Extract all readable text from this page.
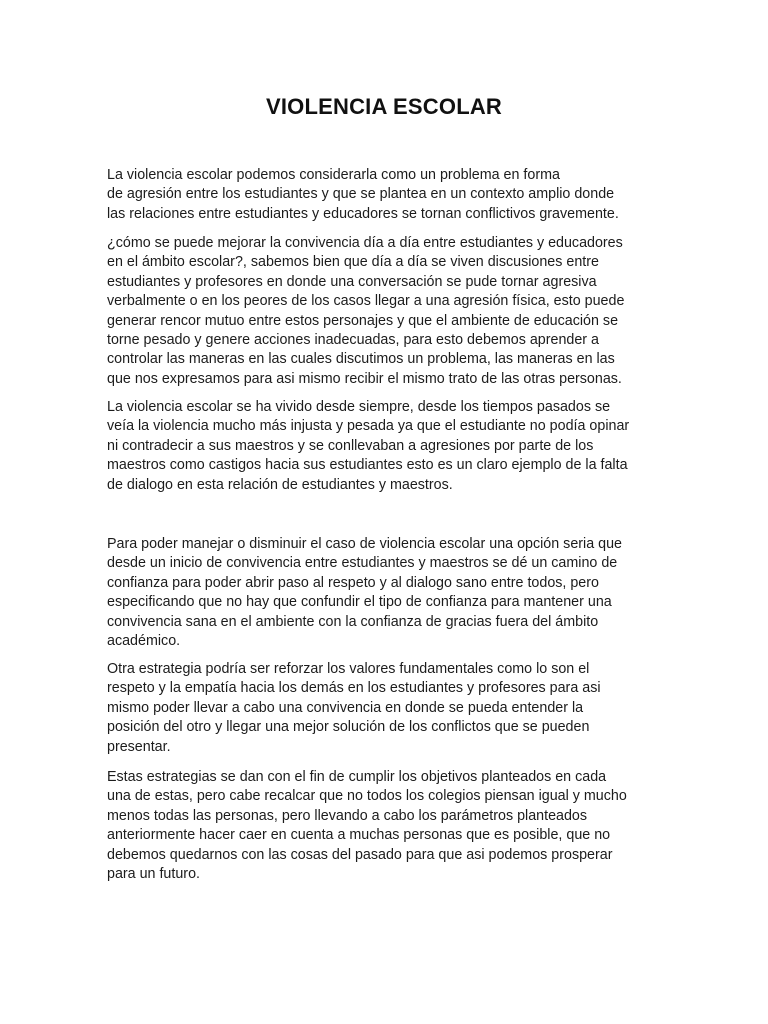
VIOLENCIA ESCOLAR
La violencia escolar podemos considerarla como un problema en forma
de agresión entre los estudiantes y que se plantea en un contexto amplio donde
las relaciones entre estudiantes y educadores se tornan conflictivos gravemente.
¿cómo se puede mejorar la convivencia día a día entre estudiantes y educadores
en el ámbito escolar?, sabemos bien que día a día se viven discusiones entre
estudiantes y profesores en donde una conversación se pude tornar agresiva
verbalmente o en los peores de los casos llegar a una agresión física, esto puede
generar rencor mutuo entre estos personajes y que el ambiente de educación se
torne pesado y genere acciones inadecuadas, para esto debemos aprender a
controlar las maneras en las cuales discutimos un problema, las maneras en las
que nos expresamos para asi mismo recibir el mismo trato de las otras personas.
La violencia escolar se ha vivido desde siempre, desde los tiempos pasados se
veía la violencia mucho más injusta y pesada ya que el estudiante no podía opinar
ni contradecir a sus maestros y se conllevaban a agresiones por parte de los
maestros como castigos hacia sus estudiantes esto es un claro ejemplo de la falta
de dialogo en esta relación de estudiantes y maestros.
Para poder manejar o disminuir el caso de violencia escolar una opción seria que
desde un inicio de convivencia entre estudiantes y maestros se dé un camino de
confianza para poder abrir paso al respeto y al dialogo sano entre todos, pero
especificando que no hay que confundir el tipo de confianza para mantener una
convivencia sana en el ambiente con la confianza de gracias fuera del ámbito
académico.
Otra estrategia podría ser reforzar los valores fundamentales como lo son el
respeto y la empatía hacia los demás en los estudiantes y profesores para asi
mismo poder llevar a cabo una convivencia en donde se pueda entender la
posición del otro y llegar una mejor solución de los conflictos que se pueden
presentar.
Estas estrategias se dan con el fin de cumplir los objetivos planteados en cada
una de estas, pero cabe recalcar que no todos los colegios piensan igual y mucho
menos todas las personas, pero llevando a cabo los parámetros planteados
anteriormente hacer caer en cuenta a muchas personas que es posible, que no
debemos quedarnos con las cosas del pasado para que asi podemos prosperar
para un futuro.
